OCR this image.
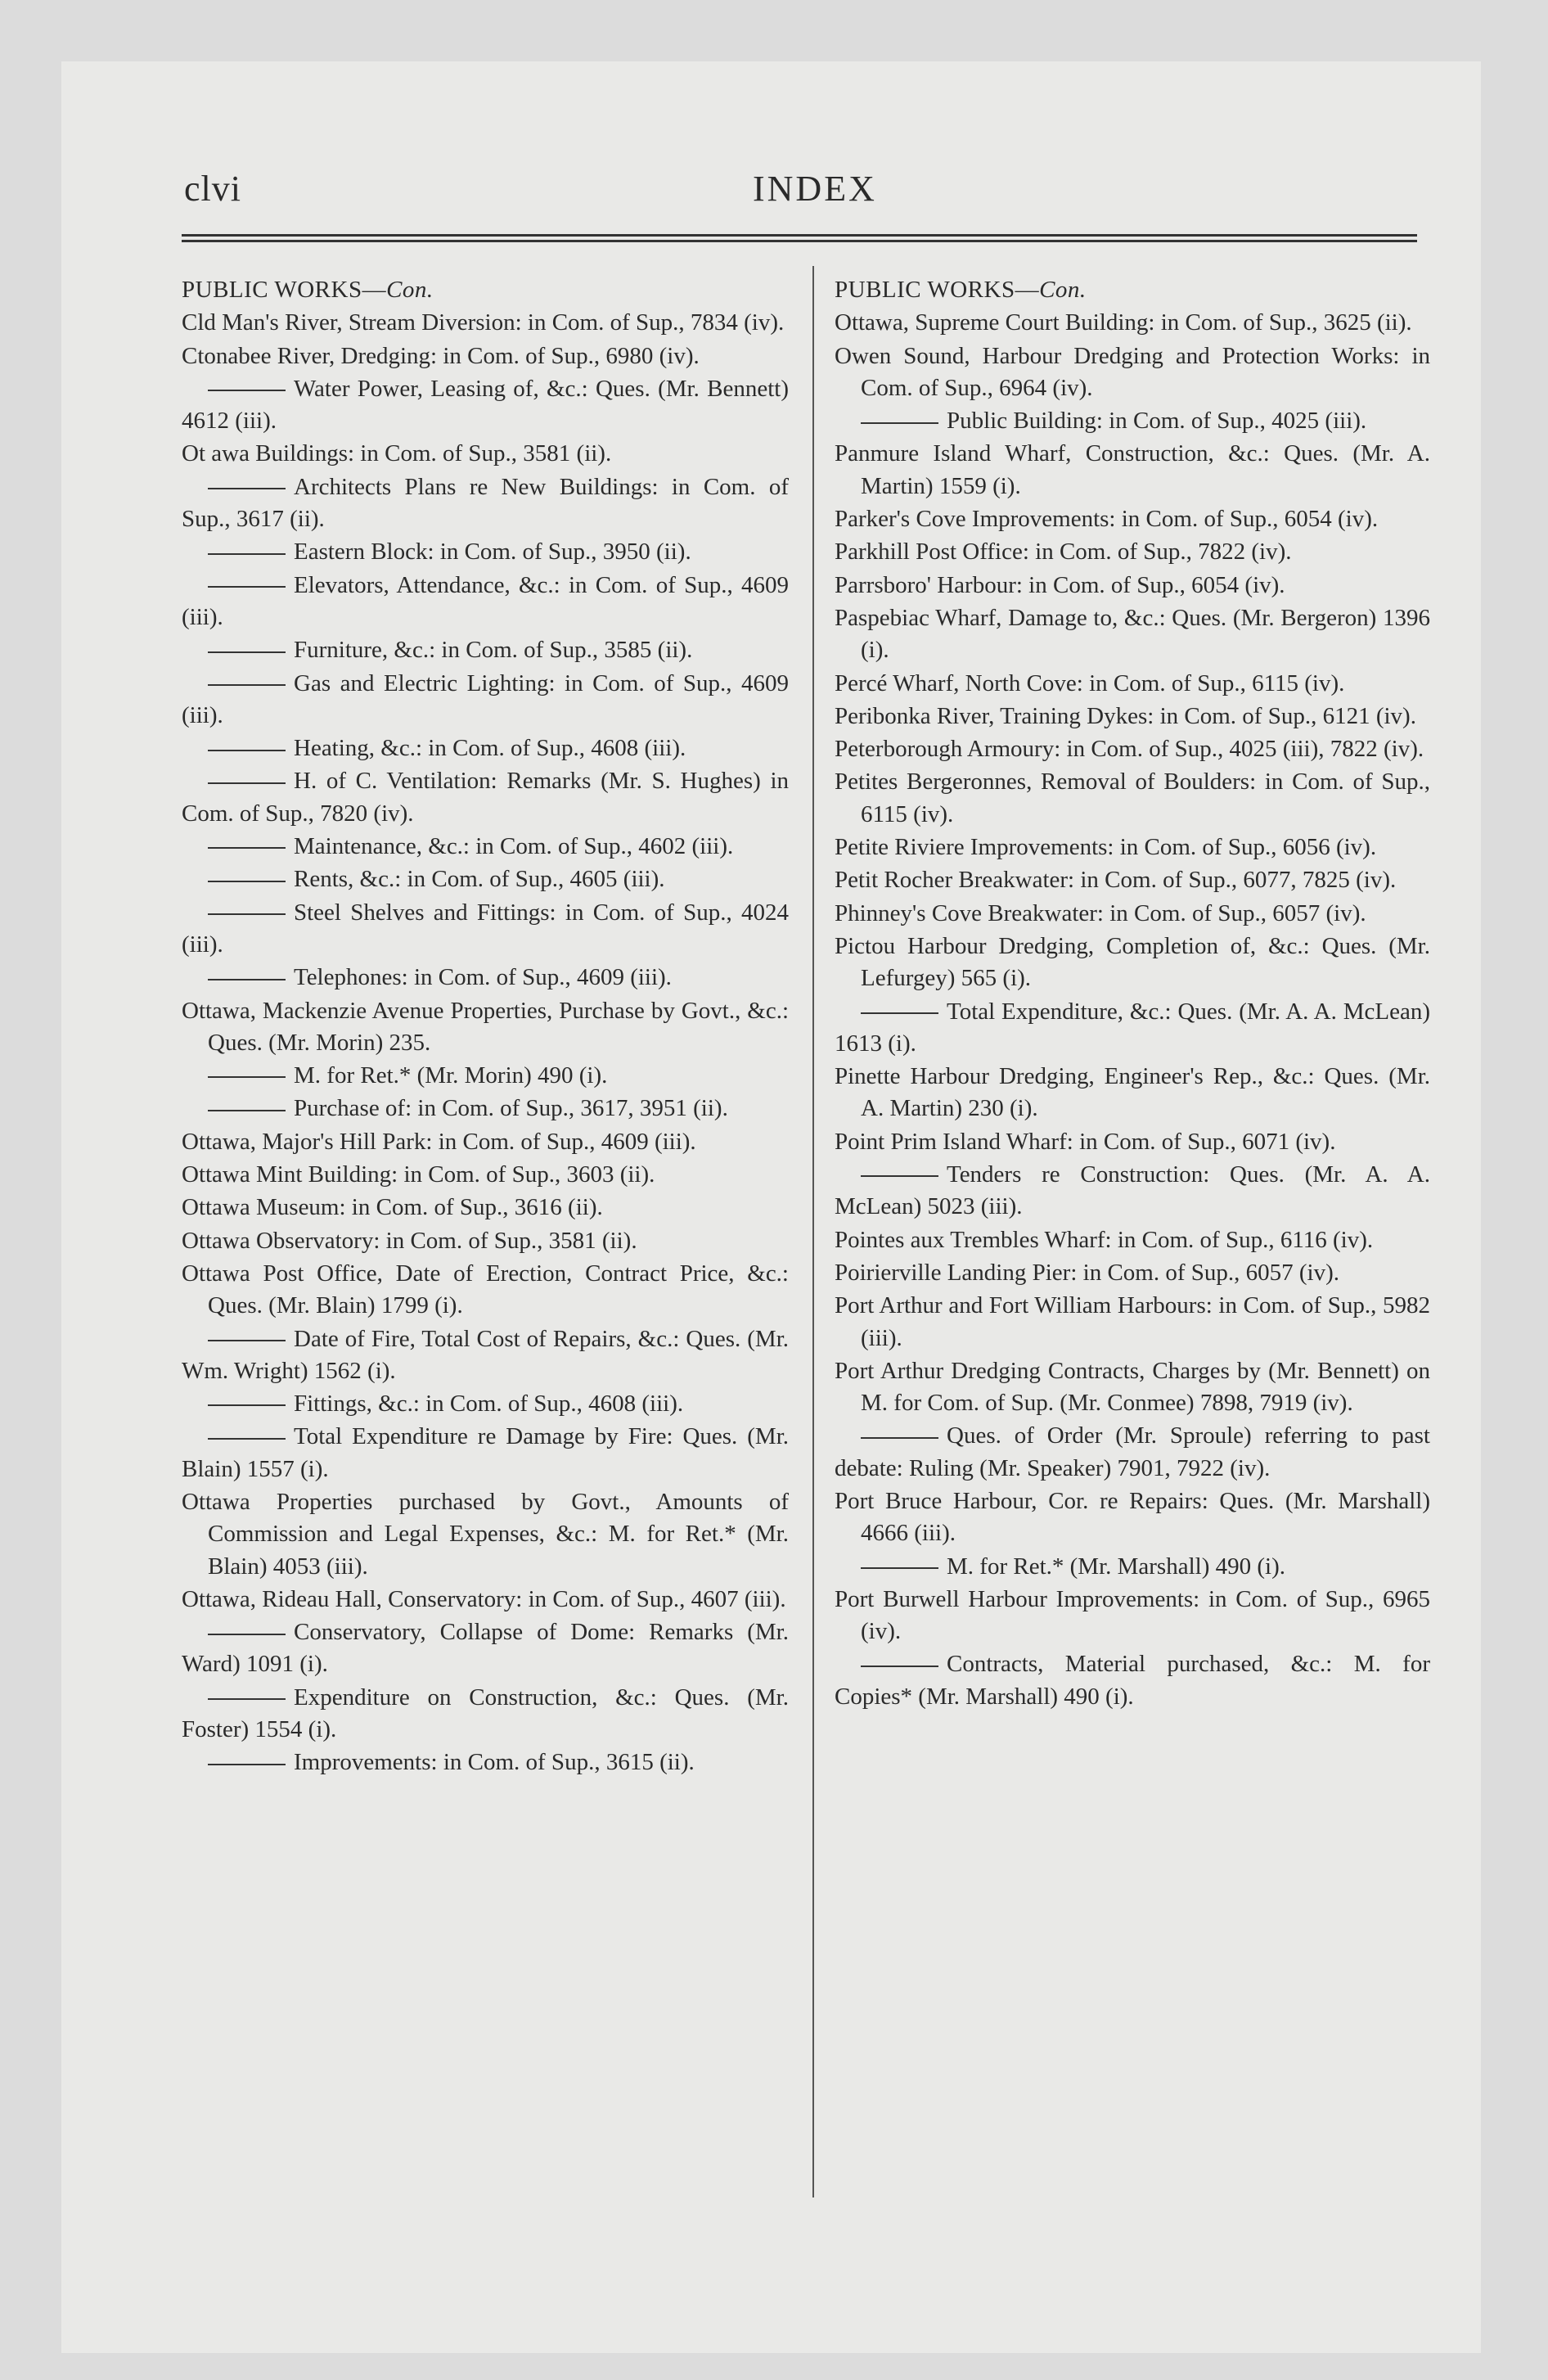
clvi	INDEX
PUBLIC WORKS—Con.
Cld Man's River, Stream Diversion: in Com. of Sup., 7834 (iv).
Ctonabee River, Dredging: in Com. of Sup., 6980 (iv).
Water Power, Leasing of, &c.: Ques. (Mr. Bennett) 4612 (iii).
Ot awa Buildings: in Com. of Sup., 3581 (ii).
Architects Plans re New Buildings: in Com. of Sup., 3617 (ii).
Eastern Block: in Com. of Sup., 3950 (ii).
Elevators, Attendance, &c.: in Com. of Sup., 4609 (iii).
Furniture, &c.: in Com. of Sup., 3585 (ii).
Gas and Electric Lighting: in Com. of Sup., 4609 (iii).
Heating, &c.: in Com. of Sup., 4608 (iii).
H. of C. Ventilation: Remarks (Mr. S. Hughes) in Com. of Sup., 7820 (iv).
Maintenance, &c.: in Com. of Sup., 4602 (iii).
Rents, &c.: in Com. of Sup., 4605 (iii).
Steel Shelves and Fittings: in Com. of Sup., 4024 (iii).
Telephones: in Com. of Sup., 4609 (iii).
Ottawa, Mackenzie Avenue Properties, Purchase by Govt., &c.: Ques. (Mr. Morin) 235.
M. for Ret.* (Mr. Morin) 490 (i).
Purchase of: in Com. of Sup., 3617, 3951 (ii).
Ottawa, Major's Hill Park: in Com. of Sup., 4609 (iii).
Ottawa Mint Building: in Com. of Sup., 3603 (ii).
Ottawa Museum: in Com. of Sup., 3616 (ii).
Ottawa Observatory: in Com. of Sup., 3581 (ii).
Ottawa Post Office, Date of Erection, Contract Price, &c.: Ques. (Mr. Blain) 1799 (i).
Date of Fire, Total Cost of Repairs, &c.: Ques. (Mr. Wm. Wright) 1562 (i).
Fittings, &c.: in Com. of Sup., 4608 (iii).
Total Expenditure re Damage by Fire: Ques. (Mr. Blain) 1557 (i).
Ottawa Properties purchased by Govt., Amounts of Commission and Legal Expenses, &c.: M. for Ret.* (Mr. Blain) 4053 (iii).
Ottawa, Rideau Hall, Conservatory: in Com. of Sup., 4607 (iii).
Conservatory, Collapse of Dome: Remarks (Mr. Ward) 1091 (i).
Expenditure on Construction, &c.: Ques. (Mr. Foster) 1554 (i).
Improvements: in Com. of Sup., 3615 (ii).
PUBLIC WORKS—Con.
Ottawa, Supreme Court Building: in Com. of Sup., 3625 (ii).
Owen Sound, Harbour Dredging and Protection Works: in Com. of Sup., 6964 (iv).
Public Building: in Com. of Sup., 4025 (iii).
Panmure Island Wharf, Construction, &c.: Ques. (Mr. A. Martin) 1559 (i).
Parker's Cove Improvements: in Com. of Sup., 6054 (iv).
Parkhill Post Office: in Com. of Sup., 7822 (iv).
Parrsboro' Harbour: in Com. of Sup., 6054 (iv).
Paspebiac Wharf, Damage to, &c.: Ques. (Mr. Bergeron) 1396 (i).
Percé Wharf, North Cove: in Com. of Sup., 6115 (iv).
Peribonka River, Training Dykes: in Com. of Sup., 6121 (iv).
Peterborough Armoury: in Com. of Sup., 4025 (iii), 7822 (iv).
Petites Bergeronnes, Removal of Boulders: in Com. of Sup., 6115 (iv).
Petite Riviere Improvements: in Com. of Sup., 6056 (iv).
Petit Rocher Breakwater: in Com. of Sup., 6077, 7825 (iv).
Phinney's Cove Breakwater: in Com. of Sup., 6057 (iv).
Pictou Harbour Dredging, Completion of, &c.: Ques. (Mr. Lefurgey) 565 (i).
Total Expenditure, &c.: Ques. (Mr. A. A. McLean) 1613 (i).
Pinette Harbour Dredging, Engineer's Rep., &c.: Ques. (Mr. A. Martin) 230 (i).
Point Prim Island Wharf: in Com. of Sup., 6071 (iv).
Tenders re Construction: Ques. (Mr. A. A. McLean) 5023 (iii).
Pointes aux Trembles Wharf: in Com. of Sup., 6116 (iv).
Poirierville Landing Pier: in Com. of Sup., 6057 (iv).
Port Arthur and Fort William Harbours: in Com. of Sup., 5982 (iii).
Port Arthur Dredging Contracts, Charges by (Mr. Bennett) on M. for Com. of Sup. (Mr. Conmee) 7898, 7919 (iv).
Ques. of Order (Mr. Sproule) referring to past debate: Ruling (Mr. Speaker) 7901, 7922 (iv).
Port Bruce Harbour, Cor. re Repairs: Ques. (Mr. Marshall) 4666 (iii).
M. for Ret.* (Mr. Marshall) 490 (i).
Port Burwell Harbour Improvements: in Com. of Sup., 6965 (iv).
Contracts, Material purchased, &c.: M. for Copies* (Mr. Marshall) 490 (i).
